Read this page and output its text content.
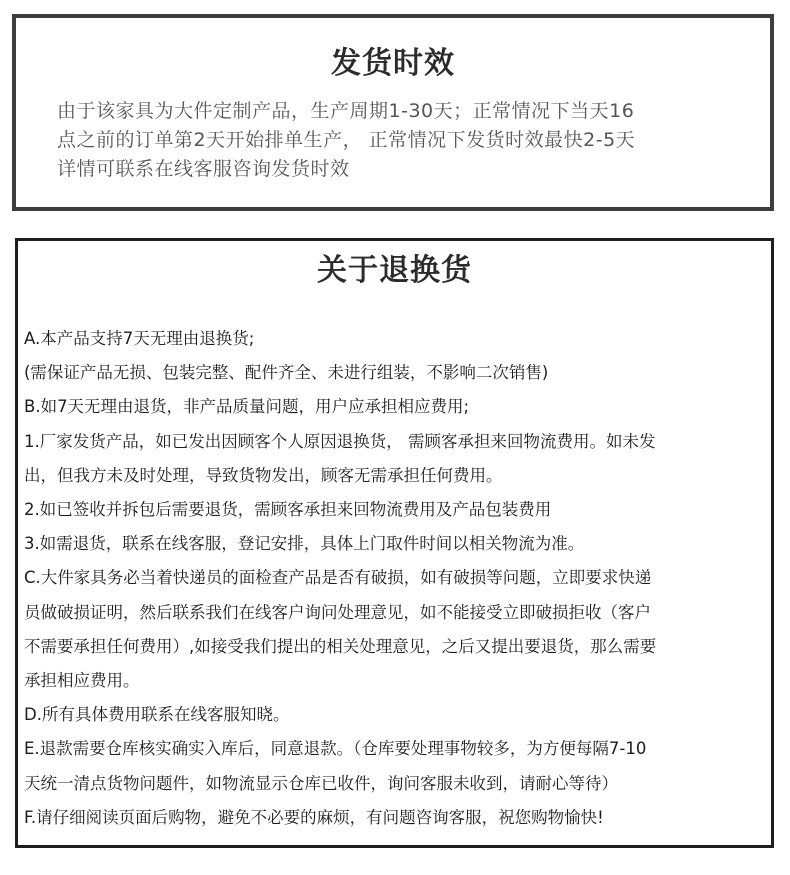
发货时效
由于该家具为大件定制产品，生产周期1-30天；正常情况下当天16
点之前的订单第2天开始排单生产， 正常情况下发货时效最快2-5天
详情可联系在线客服咨询发货时效
关于退换货
A.本产品支持7天无理由退换货;
(需保证产品无损、包装完整、配件齐全、未进行组装，不影响二次销售)
B.如7天无理由退货，非产品质量问题，用户应承担相应费用;
1.厂家发货产品，如已发出因顾客个人原因退换货， 需顾客承担来回物流费用。如未发
出，但我方未及时处理，导致货物发出，顾客无需承担任何费用。
2.如已签收并拆包后需要退货，需顾客承担来回物流费用及产品包装费用
3.如需退货，联系在线客服，登记安排，具体上门取件时间以相关物流为准。
C.大件家具务必当着快递员的面检查产品是否有破损，如有破损等问题，立即要求快递
员做破损证明，然后联系我们在线客户询问处理意见，如不能接受立即破损拒收（客户
不需要承担任何费用）,如接受我们提出的相关处理意见，之后又提出要退货，那么需要
承担相应费用。
D.所有具体费用联系在线客服知晓。
E.退款需要仓库核实确实入库后，同意退款。（仓库要处理事物较多，为方便每隔7-10
天统一清点货物问题件，如物流显示仓库已收件，询问客服未收到，请耐心等待）
F.请仔细阅读页面后购物，避免不必要的麻烦，有问题咨询客服，祝您购物愉快!
